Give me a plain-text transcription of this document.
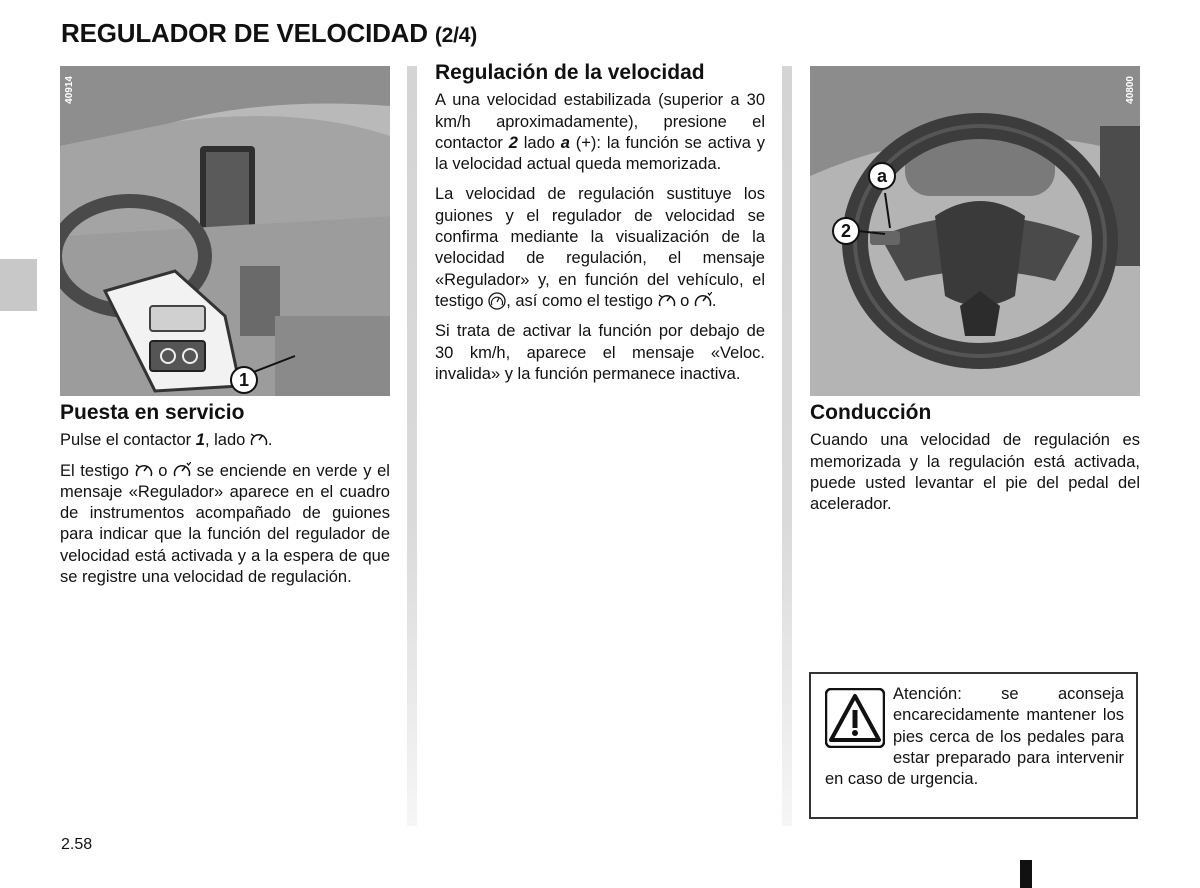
REGULADOR DE VELOCIDAD (2/4)
40914
1
40800
a
2
Puesta en servicio

Pulse el contactor 1, lado
.

El testigo
o
se enciende en verde y el mensaje «Regulador» aparece en el cuadro de instrumentos acompañado de guiones para indicar que la función del regulador de velocidad está activada y a la espera de que se registre una velocidad de regulación.

Regulación de la velocidad

A una velocidad estabilizada (superior a 30 km/h aproximadamente), presione el contactor 2 lado a (+): la función se activa y la velocidad actual queda memorizada.

La velocidad de regulación sustituye los guiones y el regulador de velocidad se confirma mediante la visualización de la velocidad de regulación, el mensaje «Regulador» y, en función del vehículo, el testigo
, así como el testigo
o
.

Si trata de activar la función por debajo de 30 km/h, aparece el mensaje «Veloc. invalida» y la función permanece inactiva.

Conducción

Cuando una velocidad de regulación es memorizada y la regulación está activada, puede usted levantar el pie del pedal del acelerador.

Atención: se aconseja encarecidamente mantener los pies cerca de los pedales para estar preparado para intervenir en caso de urgencia.

2.58
